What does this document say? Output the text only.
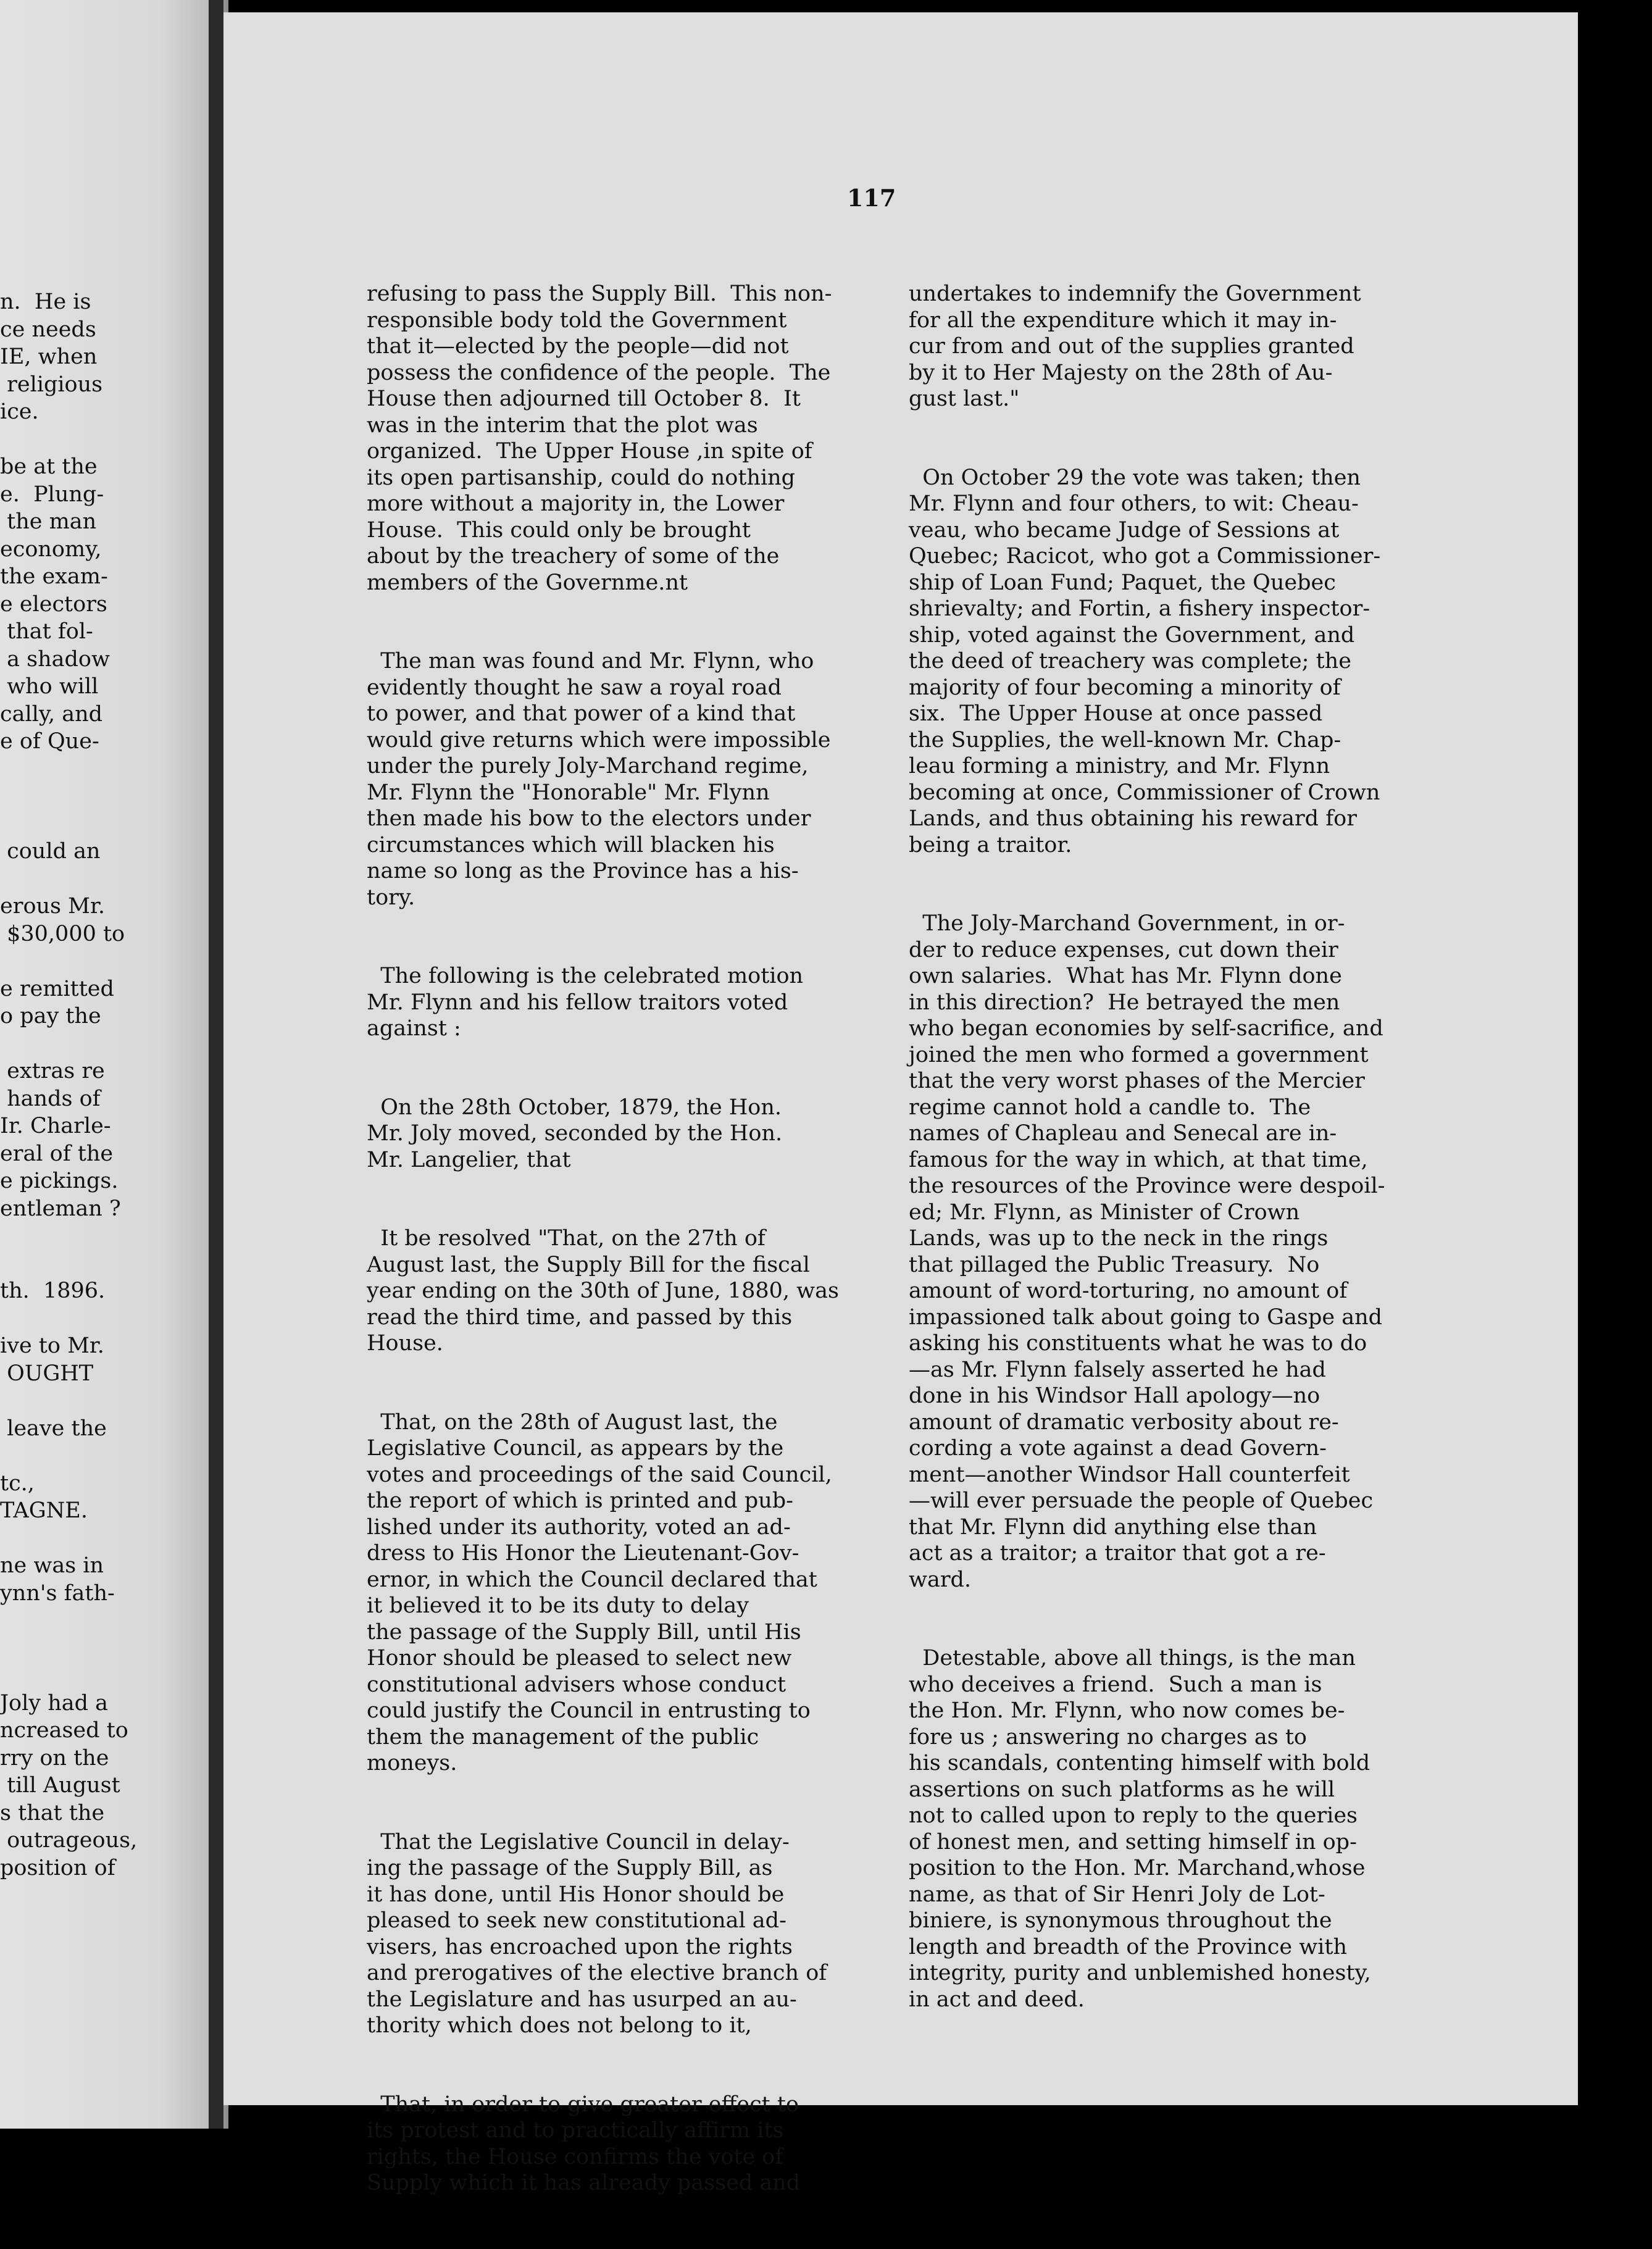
n.  He is
ce needs
IE, when
religious
ice.

be at the
e.  Plung-
the man
economy,
the exam-
e electors
that fol-
a shadow
who will
cally, and
e of Que-

could an

erous Mr.
$30,000 to

e remitted
o pay the

extras re
hands of
Ir. Charle-
eral of the
e pickings.
entleman ?

th.  1896.

ive to Mr.
OUGHT

leave the

tc.,
TAGNE.

ne was in
ynn's fath-

Joly had a
ncreased to
rry on the
till August
s that the
outrageous,
position of

117

refusing to pass the Supply Bill.  This non-
responsible body told the Government
that it—elected by the people—did not
possess the confidence of the people.  The
House then adjourned till October 8.  It
was in the interim that the plot was
organized.  The Upper House ,in spite of
its open partisanship, could do nothing
more without a majority in, the Lower
House.  This could only be brought
about by the treachery of some of the
members of the Governme.nt

The man was found and Mr. Flynn, who
evidently thought he saw a royal road
to power, and that power of a kind that
would give returns which were impossible
under the purely Joly-Marchand regime,
Mr. Flynn the "Honorable" Mr. Flynn
then made his bow to the electors under
circumstances which will blacken his
name so long as the Province has a his-
tory.

The following is the celebrated motion
Mr. Flynn and his fellow traitors voted
against :

On the 28th October, 1879, the Hon.
Mr. Joly moved, seconded by the Hon.
Mr. Langelier, that

It be resolved "That, on the 27th of
August last, the Supply Bill for the fiscal
year ending on the 30th of June, 1880, was
read the third time, and passed by this
House.

That, on the 28th of August last, the
Legislative Council, as appears by the
votes and proceedings of the said Council,
the report of which is printed and pub-
lished under its authority, voted an ad-
dress to His Honor the Lieutenant-Gov-
ernor, in which the Council declared that
it believed it to be its duty to delay
the passage of the Supply Bill, until His
Honor should be pleased to select new
constitutional advisers whose conduct
could justify the Council in entrusting to
them the management of the public
moneys.

That the Legislative Council in delay-
ing the passage of the Supply Bill, as
it has done, until His Honor should be
pleased to seek new constitutional ad-
visers, has encroached upon the rights
and prerogatives of the elective branch of
the Legislature and has usurped an au-
thority which does not belong to it,

That, in order to give greater effect to
its protest and to practically affirm its
rights, the House confirms the vote of
Supply which it has already passed and

undertakes to indemnify the Government
for all the expenditure which it may in-
cur from and out of the supplies granted
by it to Her Majesty on the 28th of Au-
gust last."

On October 29 the vote was taken; then
Mr. Flynn and four others, to wit: Cheau-
veau, who became Judge of Sessions at
Quebec; Racicot, who got a Commissioner-
ship of Loan Fund; Paquet, the Quebec
shrievalty; and Fortin, a fishery inspector-
ship, voted against the Government, and
the deed of treachery was complete; the
majority of four becoming a minority of
six.  The Upper House at once passed
the Supplies, the well-known Mr. Chap-
leau forming a ministry, and Mr. Flynn
becoming at once, Commissioner of Crown
Lands, and thus obtaining his reward for
being a traitor.

The Joly-Marchand Government, in or-
der to reduce expenses, cut down their
own salaries.  What has Mr. Flynn done
in this direction?  He betrayed the men
who began economies by self-sacrifice, and
joined the men who formed a government
that the very worst phases of the Mercier
regime cannot hold a candle to.  The
names of Chapleau and Senecal are in-
famous for the way in which, at that time,
the resources of the Province were despoil-
ed; Mr. Flynn, as Minister of Crown
Lands, was up to the neck in the rings
that pillaged the Public Treasury.  No
amount of word-torturing, no amount of
impassioned talk about going to Gaspe and
asking his constituents what he was to do
—as Mr. Flynn falsely asserted he had
done in his Windsor Hall apology—no
amount of dramatic verbosity about re-
cording a vote against a dead Govern-
ment—another Windsor Hall counterfeit
—will ever persuade the people of Quebec
that Mr. Flynn did anything else than
act as a traitor; a traitor that got a re-
ward.

Detestable, above all things, is the man
who deceives a friend.  Such a man is
the Hon. Mr. Flynn, who now comes be-
fore us ; answering no charges as to
his scandals, contenting himself with bold
assertions on such platforms as he will
not to called upon to reply to the queries
of honest men, and setting himself in op-
position to the Hon. Mr. Marchand,whose
name, as that of Sir Henri Joly de Lot-
biniere, is synonymous throughout the
length and breadth of the Province with
integrity, purity and unblemished honesty,
in act and deed.
